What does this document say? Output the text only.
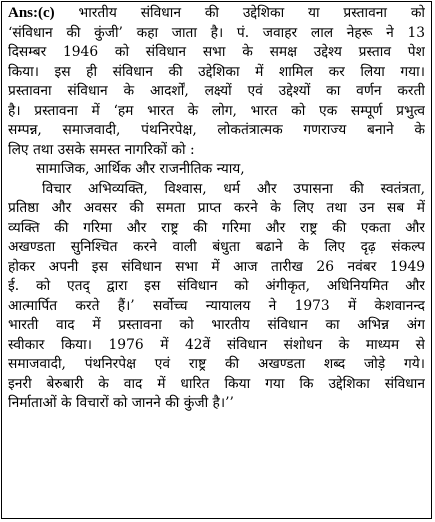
Ans:(c) भारतीय संविधान की उद्देशिका या प्रस्तावना को
‘संविधान की कुंजी’ कहा जाता है। पं. जवाहर लाल नेहरू ने 13
दिसम्बर 1946 को संविधान सभा के समक्ष उद्देश्य प्रस्ताव पेश
किया। इस ही संविधान की उद्देशिका में शामिल कर लिया गया।
प्रस्तावना संविधान के आदर्शों, लक्ष्यों एवं उद्देश्यों का वर्णन करती
है। प्रस्तावना में ‘हम भारत के लोग, भारत को एक सम्पूर्ण प्रभुत्व
सम्पन्न, समाजवादी, पंथनिरपेक्ष, लोकतंत्रात्मक गणराज्य बनाने के
लिए तथा उसके समस्त नागरिकों को :
सामाजिक, आर्थिक और राजनीतिक न्याय,
विचार अभिव्यक्ति, विश्वास, धर्म और उपासना की स्वतंत्रता,
प्रतिष्ठा और अवसर की समता प्राप्त करने के लिए तथा उन सब में
व्यक्ति की गरिमा और राष्ट्र की गरिमा और राष्ट्र की एकता और
अखण्डता सुनिश्चित करने वाली बंधुता बढाने के लिए दृढ़ संकल्प
होकर अपनी इस संविधान सभा में आज तारीख 26 नवंबर 1949
ई. को एतद् द्वारा इस संविधान को अंगीकृत, अधिनियमित और
आत्मार्पित करते हैं।’ सर्वोच्च न्यायालय ने 1973 में केशवानन्द
भारती वाद में प्रस्तावना को भारतीय संविधान का अभिन्न अंग
स्वीकार किया। 1976 में 42वें संविधान संशोधन के माध्यम से
समाजवादी, पंथनिरपेक्ष एवं राष्ट्र की अखण्डता शब्द जोड़े गये।
इनरी बेरुबारी के वाद में धारित किया गया कि उद्देशिका संविधान
निर्माताओं के विचारों को जानने की कुंजी है।’’
